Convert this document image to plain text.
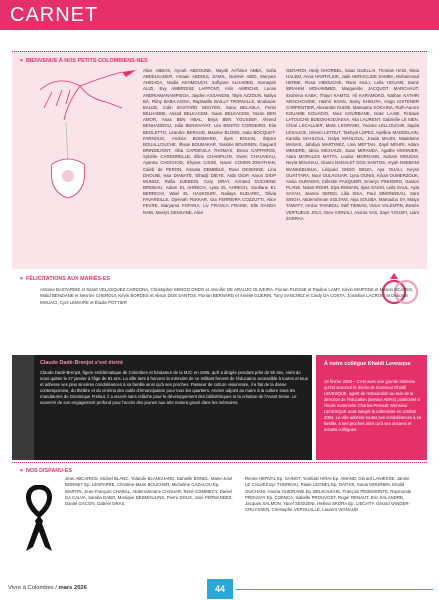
CARNET
♥ BIENVENUE À NOS PETITS-COLOMBIENS-NES
Alice ABBAS, Ayoub ABDOUNE, Nayah Ari'hinuï ABBA, Sofia ABDELKADER, Amaan ABDOUL ZAMIL, Noémie ABID, Maryam AHIDADA, Nadia AKHMOUCH, Sofiyane ALHAMED, Somayah ALIZI, Evy AMBROISE LAPPONT, Amir AMRICHE, Lucas ANDRIAMANAMPISOA, Jayden ASSANGNI, Taym AZZOUN, Naliya BÂ, Rûny BABA-AISSA, Raphaëlle BAILLY TRONVILLE, Boubacar BALDE, Colin BASTARD NGUYEN, Sana BELASLA, Feriel BELHABIBI, Assad BELKACEM, Inaan BELKACEM, Yazan BEN AMOR, Anas BEN HBAL, Beya BEN YOUSSEF, Ahmed BENHADDOU, Julia BENKHAYAT, Léo BENITO CORDEIRO, Elia BEOLETTO, Léandre BERAUD, Maxime BLOND, Isaia BOCQUET-FARNOUX, Andréa BOISMARD, Ilyes BOUAN, Ibtysm BOUALLOUCHE, Ilhsan BOUBAKAR, Yassine BOUSSEN, Gaspard BRINDEJONT, Alba CAPDEVILA THOMAS, Elena CAPPAROS, Sybélie CARDORELLE, Éline CHAMPLON, Owen CHAUVEAU, Ayanna CHOCHOD, Khyara CISSÉ, Nacer COHEN-JONATHAN, Caleb de PERON, Aïssata DEMBÉLÉ, Rose DESENNE, Lina DHOUIB, Issa DIABATÉ, Elhadji DIEYE, Aïda DIOP, Aaron DIOP MUNOZ, Rafia DJEBDDI, Cary DRAY, Armand DUCHENE BRIDEAU, Adam EL AHRECH, Lyna EL AHRECH, Soufiane EL BERRICHI, Wael EL HASKOURI, Naliaya EUDARIC, Olivia FAVAREILLE, Djennah FEKKAR, Gia FERREIRA COZZUTTI, Alice FEVRE, Maryama FOFANA, Liv FRASCA FRAISE, Ella GANDA NABI, Maelys GENSANE, Alice
GERARDI, Hedy GHORBEL, Isaac GUELLAI, Thomas HAGI, Nisia HALEM, Anna HAVRYLIUK, Jade HERACLIDE SAMBA, Mohammad HERIBI, Rosa HIBOUCHE, Rami HLILI, Leila HOUAM, Samir IBRAHIM MOHAMMED, Marguerite JACQUOT MARCHAUT, Ibrahima KABA, Thayri KAMTO, Ali KARAMOKO, Nathan KATHRI ARACHCHIGE, Hashir KHAN, Samy KHELIFA, Hugo KISTENER CARPENTIER, Alexandre KUIDE, Mamadou KOKAINA, Ruth-Aurore KOUAME KOUADIO, Nour KOURBANE, Israe LAABI, Firdaws LATOUCHE BOBOKHODJAEVA, Alia LAURENT, Gabrielle LE MEN, Chloé LECALLIER, Marin LEGRAND, Yvonne LELLOUCHE, Ilayda LESAUCE, Umeen LETOUT, Taehyül LOPEZ, Apolline MADDELAIN, Kamilia MAHLOUL, Dalya MAHLOUL, Jouda MAJDI, Madeleine MANAS, Jahdiya MARTINEZ, Lina MEFTAH, Zayd MEHRI, Adam MENDRE, Idriss MICHAUD, Soan MIRANDA, Agathe MONNIER, Alaïa MORALES MATTA, Louise MORGAND, Noham MOUDNI, Neyla MOUHALI, Gianni NADALET DOS SANTOS, Aïyah NSEBANI WANKEBUSUA, Léopold ONDO BIDZA, Aya OUALI, Keyss OUATTARA, Noor OULAOUAR, Lyna OUNIS, Kinan OUMERZOUK, Assia OURAGHI, Célestin PASQUIER, Emeryc PINHEIRO, Gaston PLANE, Nolan ROHR, Elya ROMAIN, Ilyas SASSI, Leila SAUL, Ayla SAYAH, Jeanne SERIDI, Lilia SIKA, Paul SIMONNEAU, Sara SINGH, Abderrahman SOLTANI, Alya SOUIBA, Mamadou SY, Malya TAWATY, Amina THIABOU, Saïf TIEMAN, Victor VALENTIN, Esmée VERTUEUX JOLY, Oreo VIGNALI, Assma YAS, Zayn YOUSFI, Liam ZARRAA
♥ FÉLICITATIONS AUX MARIÉS-ES
Antoine BASTARDIE et Sarah VELASQUEZ CARDONA, Christopher EBOGO ONDO et Jennifer DE ARAUJO OLIVEIRA, Florian PLESSE et Pauline LAMY, Kévin MARTINS et Manon SCARES, Walid BENZIANE et Nesrine CHEROUI, Kévin BORDES et Alison DOS SANTOS, Florian BERNARD et Amélie GUERIN, Tony SANCHEZ et Cindy DA COSTA, Jonathan LACROIX et Déborah MOUACI, Cyril LEMAIRE et Élodie POTTIER
Claude Dadé-Brenjot s'est éteint
Claude Dadé-Brenjot, figure emblématique de Colombes et fondateur de la MJC en 1965, qu'il a dirigée pendant près de 50 ans, vient de nous quitter le 27 janvier à l'âge de 91 ans. La ville tient à honorer la mémoire de ce militant fervent de l'éducation accessible à toutes et tous et adresse ses plus sincères condoléances à sa famille ainsi qu'à ses proches. Passeur de culture visionnaire, il a fait de la danse contemporaine, du théâtre et du cinéma des outils d'émancipation pour tous les quartiers. Ancien adjoint au maire à la culture sous les mandatures de Dominique Frelaut, il a œuvré sans relâche pour le développement des bibliothèques et la création de l'Avant Seine. Le souvenir de son engagement profond pour l'accès des jeunes aux arts restera gravé dans les mémoires.
À notre collègue Khaldi Levesque
18 février 2026 – C'est avec une grande tristesse qu'est annoncé le décès de monsieur Khaldi LEVESQUE, agent de restauration au sein de la direction de l'éducation (service AERS) positionné à l'école maternelle Charles-Perrault. Monsieur LEVESQUE avait intégré la collectivité en octobre 2004. La ville adresse toutes ses condoléances à sa famille, à ses proches ainsi qu'à ses anciens et actuels collègues.
♥ NOS DISPARU-ES
Jean ABCARIOS, Michel BLANC, Yolande BLANCHARD, Danielle BONEL, Marie-José BONNET Ep. LESPAPRE, Christine-Marie BOUCHER, Micheline CAZALOU Ep. MARTIN, Jean-François CHABAL, Abderrahmane CHOUAR, René COMMECY, Daniel DA CALVA, Samba DABO, Monique DESMOULINS, Pierre DOUX, José FERNANDEZ, Daniel GACON, Gabriel GRAS,
Renée HERVAL Ep. SAINGT, Yoshiaki HIRAI Ep. AMAND, Gérard LANIESSE, Janine LE CALVEZ Ep. THOREAU, Paule LEONEL Ep. DATHIS, Sonia MOURBIN, Khalid OUCHANI, Houria OUIDRANE Ep. BELKOUCHE, François PEDEMONTE, Raymonde PROUVAY Ep. COENCA, Isabelle PROUVOST, Roger RENAUT, Eric SALANDRE, Jacques SALMON, Yacef SEGUENI, Helena SKORA Ep. LIECHTY, Gérard VANDER-CRUYSSEN, Christophe VEROUALLE, Laurent VIGNAUD
Vivre à Colombes / mars 2026	44
